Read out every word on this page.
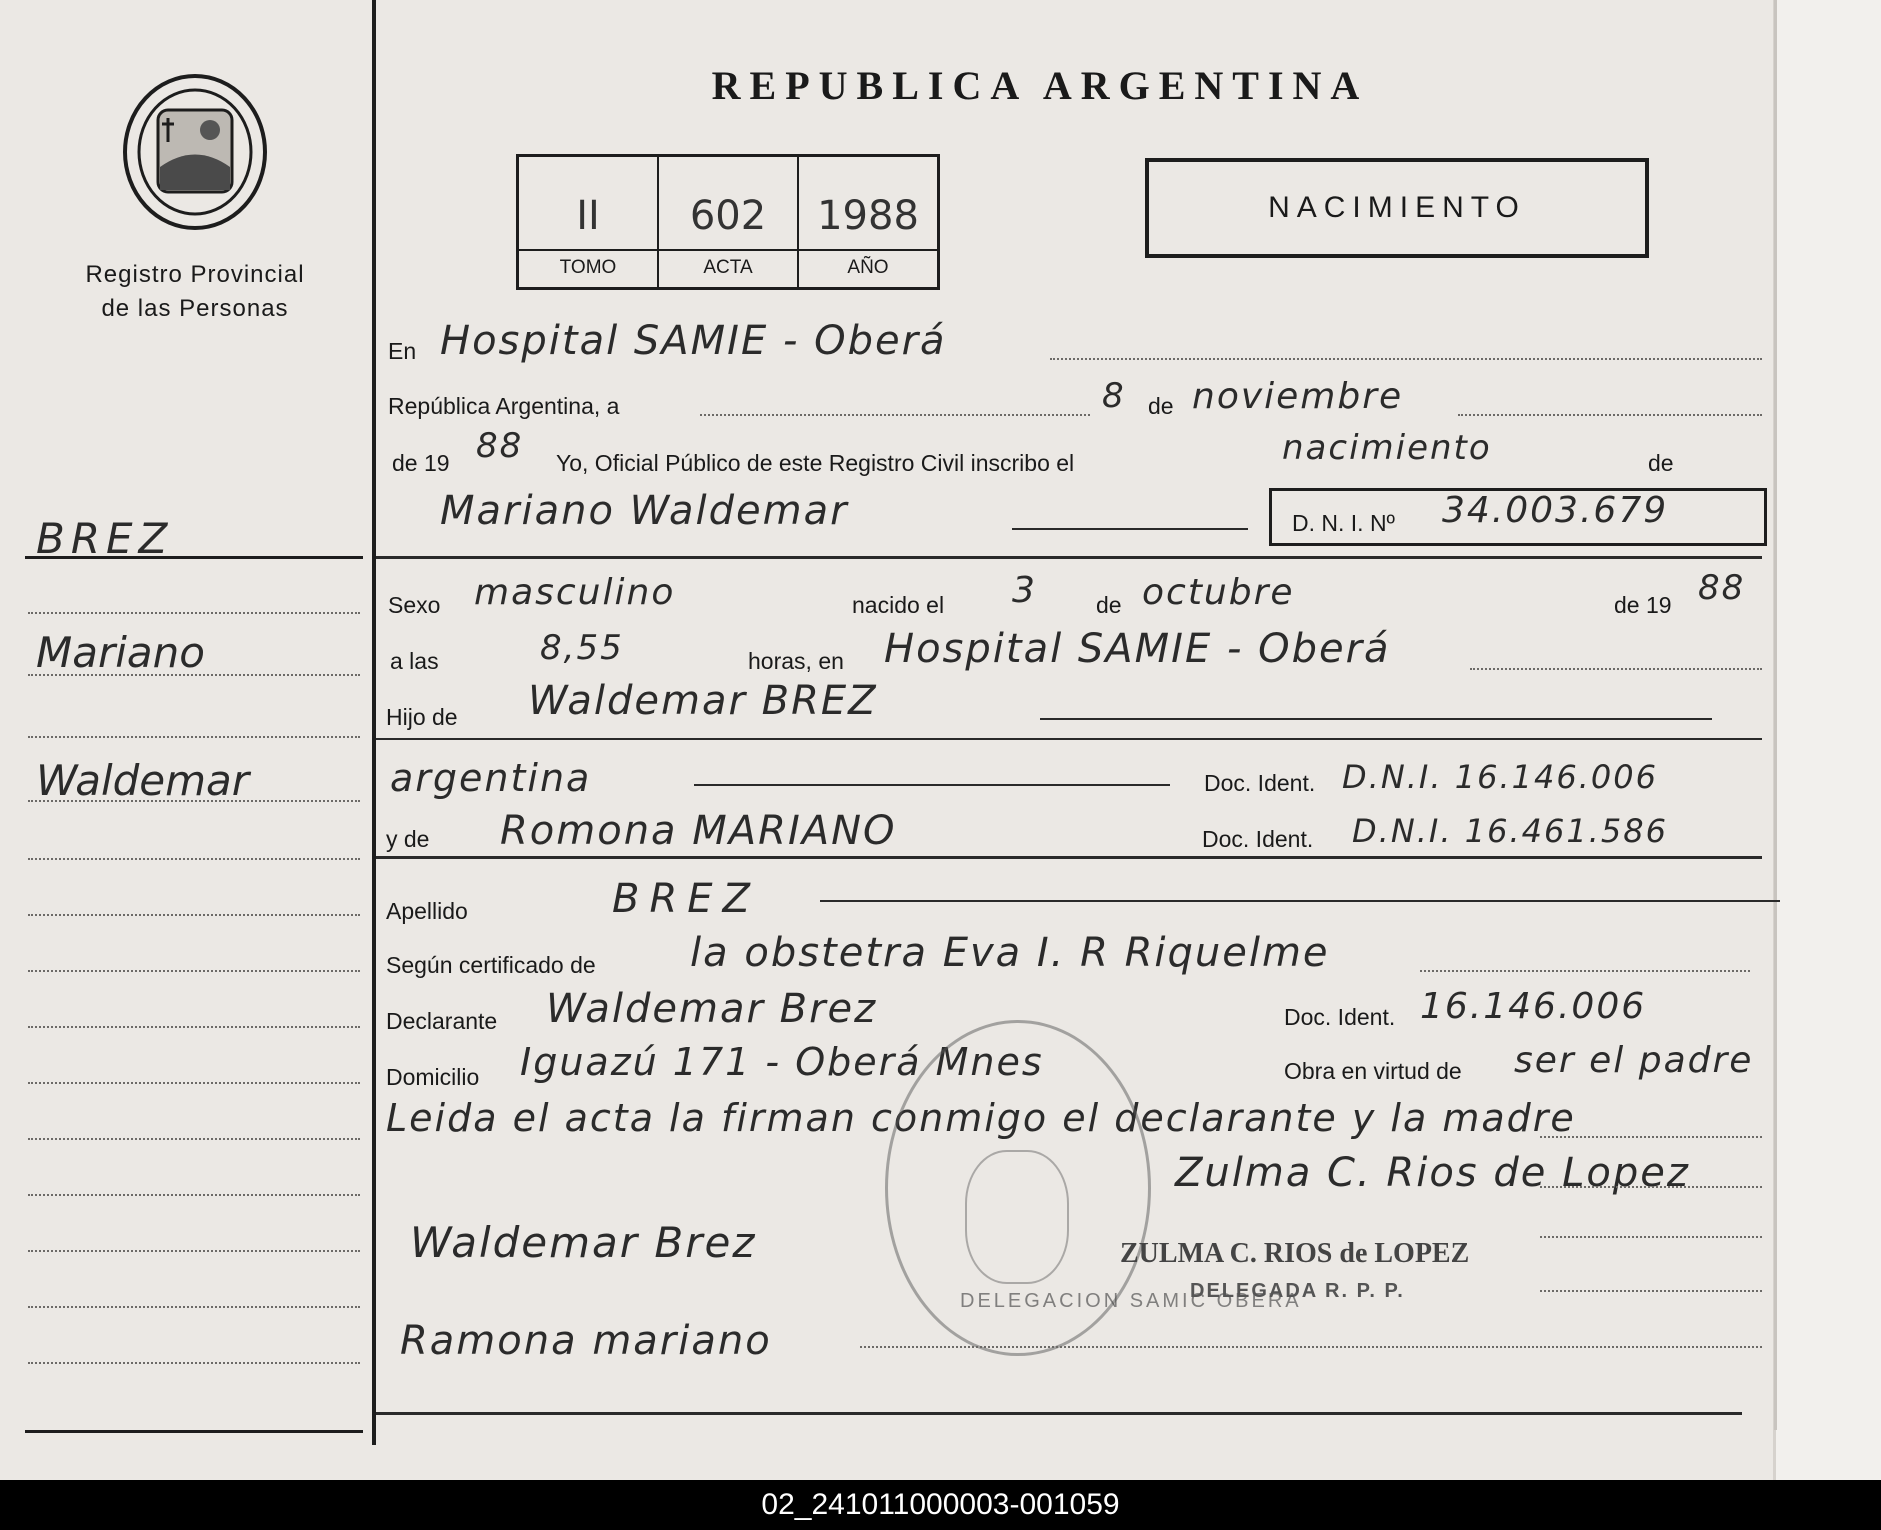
Registro Provincial
de las Personas
REPUBLICA ARGENTINA
II
TOMO
602
ACTA
1988
AÑO
NACIMIENTO
En Hospital SAMIE - Oberá
República Argentina, a	8 de noviembre
de 19 88 Yo, Oficial Público de este Registro Civil inscribo el	nacimiento	de
Mariano Waldemar	D. N. I. Nº 34.003.679
Sexo masculino	nacido el 3	de octubre	de 19 88
a las	8,55	horas, en Hospital SAMIE - Oberá
Hijo de Waldemar BREZ
argentina	Doc. Ident. D.N.I. 16.146.006
y de Romona MARIANO	Doc. Ident. D.N.I. 16.461.586
Apellido	BREZ
Según certificado de la obstetra Eva I. R Riquelme
Declarante Waldemar Brez	Doc. Ident. 16.146.006
Domicilio Iguazú 171 - Oberá Mnes	Obra en virtud de ser el padre
Leida el acta la firman conmigo el declarante y la madre
DELEGACION SAMIC OBERA
Waldemar Brez
Ramona mariano
Zulma C. Rios de Lopez
ZULMA C. RIOS de LOPEZ
DELEGADA R. P. P.
BREZ
Mariano
Waldemar
02_241011000003-001059
